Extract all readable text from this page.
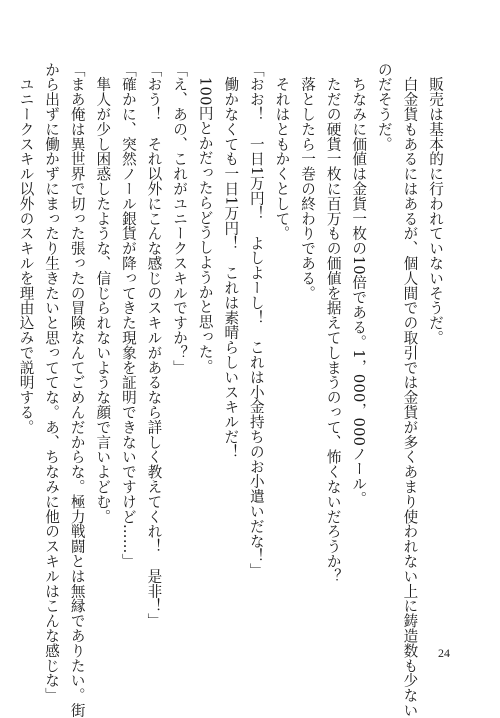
　販売は基本的に行われていないそうだ。

　白金貨もあるにはあるが、個人間での取引では金貨が多くあまり使われない上に鋳造数も少ない

のだそうだ。

　ちなみに価値は金貨一枚の10倍である。1，000，000ノール。

　ただの硬貨一枚に百万もの価値を据えてしまうのって、怖くないだろうか？

　落としたら一巻の終わりである。

　それはともかくとして。

「おお！　一日1万円！　よしよーし！　これは小金持ちのお小遣いだな！」

　働かなくても一日1万円！　これは素晴らしいスキルだ！

　100円とかだったらどうしようかと思った。

「え、あの、これがユニークスキルですか？」

「おう！　それ以外にこんな感じのスキルがあるなら詳しく教えてくれ！　是非！」

「確かに、突然ノール銀貨が降ってきた現象を証明できないですけど……」

　隼人が少し困惑したような、信じられないような顔で言いよどむ。

「まあ俺は異世界で切った張ったの冒険なんてごめんだからな。極力戦闘とは無縁でありたい。街

から出ずに働かずにまったり生きたいと思っててな。あ、ちなみに他のスキルはこんな感じな」

　ユニークスキル以外のスキルを理由込みで説明する。

24
